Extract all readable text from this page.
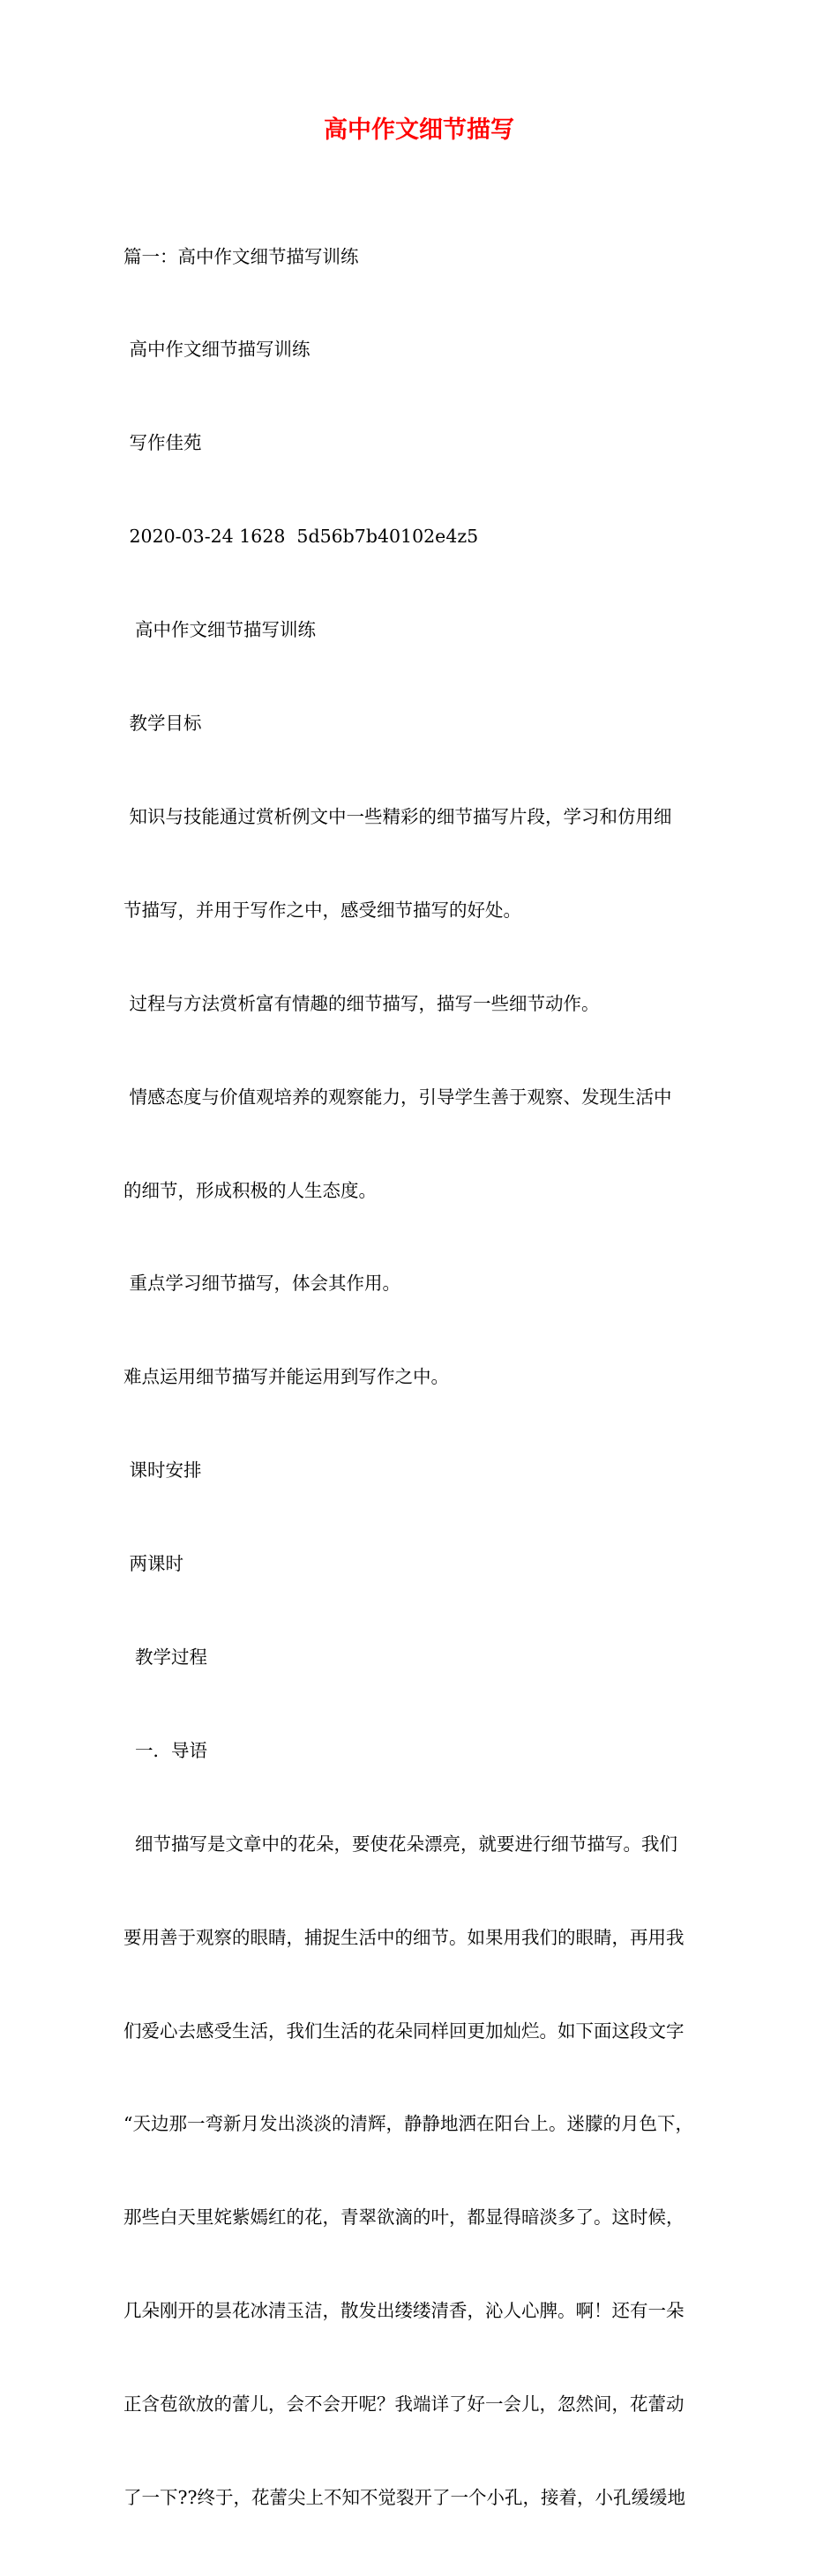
高中作文细节描写

篇一：高中作文细节描写训练

高中作文细节描写训练

写作佳苑

2020-03-24 1628  5d56b7b40102e4z5

高中作文细节描写训练

教学目标

知识与技能通过赏析例文中一些精彩的细节描写片段，学习和仿用细

节描写，并用于写作之中，感受细节描写的好处。

过程与方法赏析富有情趣的细节描写，描写一些细节动作。

情感态度与价值观培养的观察能力，引导学生善于观察、发现生活中

的细节，形成积极的人生态度。

重点学习细节描写，体会其作用。

难点运用细节描写并能运用到写作之中。

课时安排

两课时

教学过程

一．导语

细节描写是文章中的花朵，要使花朵漂亮，就要进行细节描写。我们

要用善于观察的眼睛，捕捉生活中的细节。如果用我们的眼睛，再用我

们爱心去感受生活，我们生活的花朵同样回更加灿烂。如下面这段文字

“天边那一弯新月发出淡淡的清辉，静静地洒在阳台上。迷朦的月色下，

那些白天里姹紫嫣红的花，青翠欲滴的叶，都显得暗淡多了。这时候，

几朵刚开的昙花冰清玉洁，散发出缕缕清香，沁人心脾。啊！还有一朵

正含苞欲放的蕾儿，会不会开呢？我端详了好一会儿，忽然间，花蕾动

了一下??终于，花蕾尖上不知不觉裂开了一个小孔，接着，小孔缓缓地
